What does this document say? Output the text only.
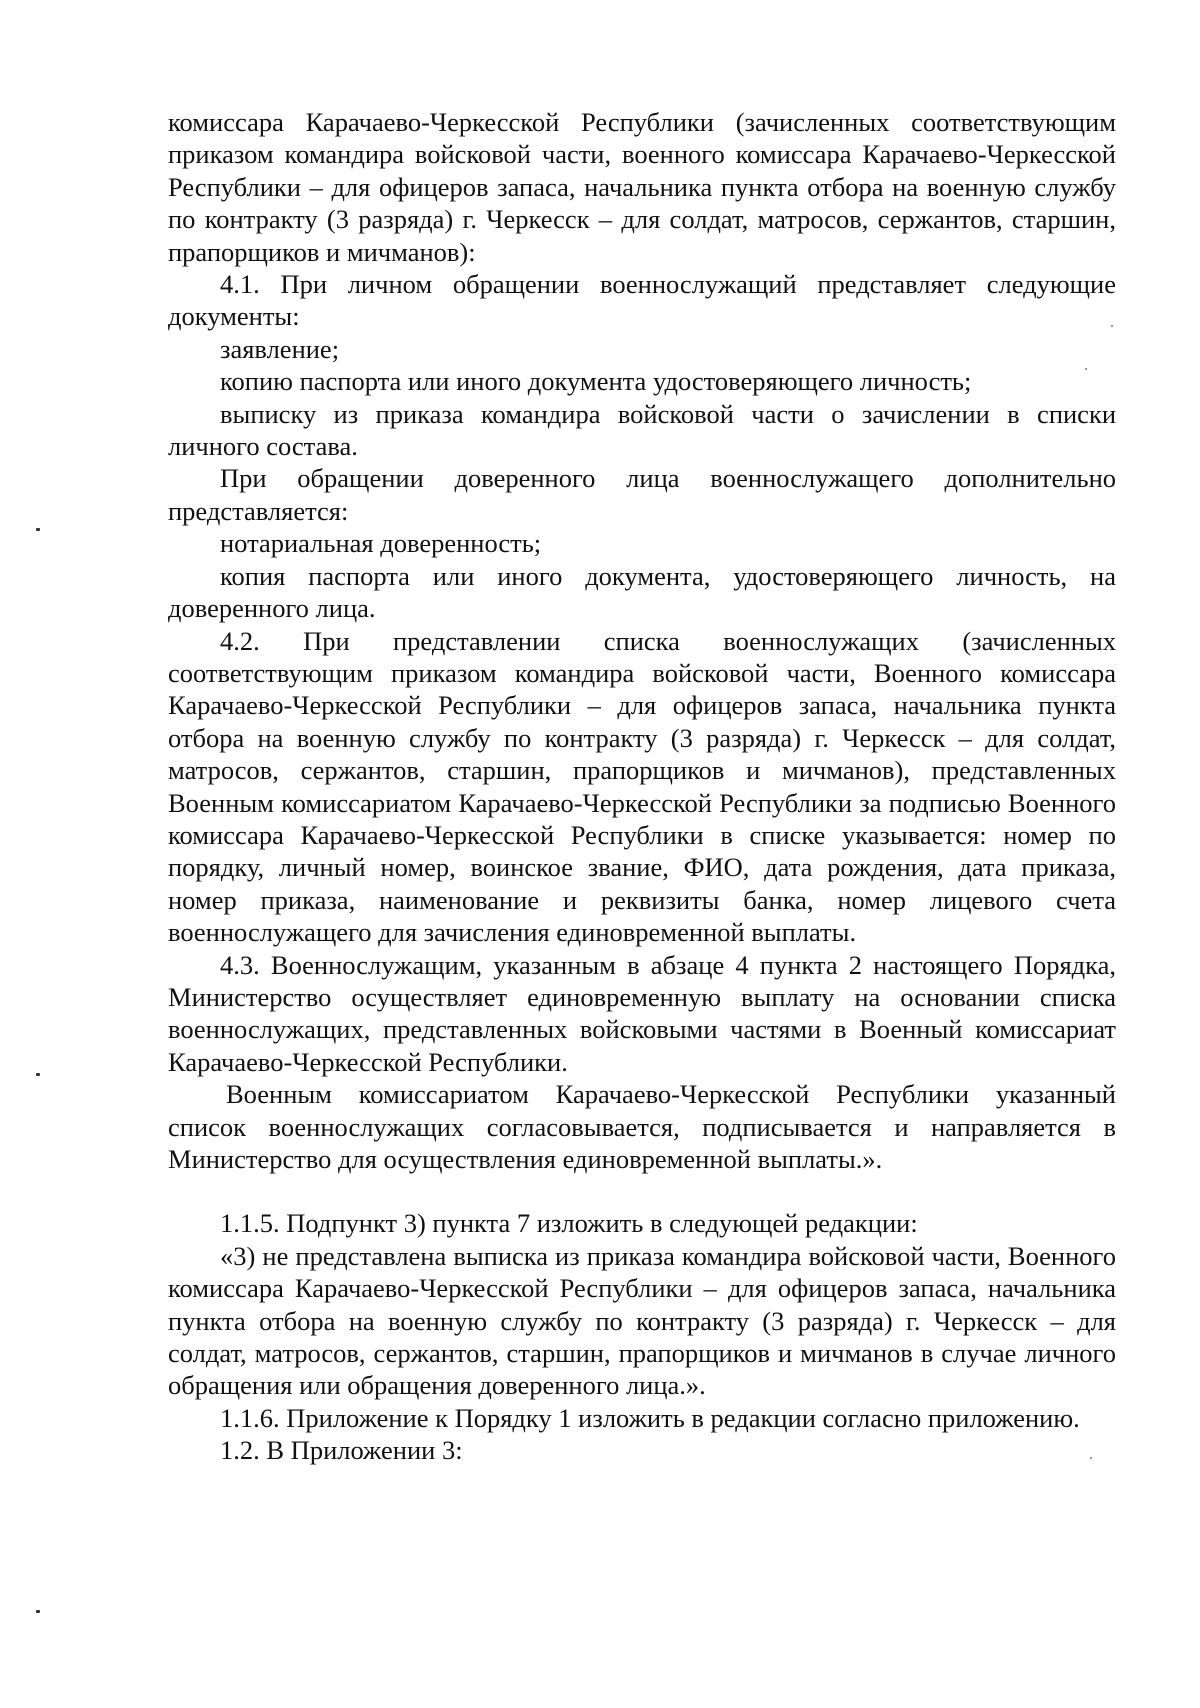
комиссара Карачаево-Черкесской Республики (зачисленных соответствующим приказом командира войсковой части, военного комиссара Карачаево-Черкесской Республики – для офицеров запаса, начальника пункта отбора на военную службу по контракту (3 разряда) г. Черкесск – для солдат, матросов, сержантов, старшин, прапорщиков и мичманов):

4.1. При личном обращении военнослужащий представляет следующие документы:

заявление;

копию паспорта или иного документа удостоверяющего личность;

выписку из приказа командира войсковой части о зачислении в списки личного состава.

При обращении доверенного лица военнослужащего дополнительно представляется:

нотариальная доверенность;

копия паспорта или иного документа, удостоверяющего личность, на доверенного лица.

4.2. При представлении списка военнослужащих (зачисленных соответствующим приказом командира войсковой части, Военного комиссара Карачаево-Черкесской Республики – для офицеров запаса, начальника пункта отбора на военную службу по контракту (3 разряда) г. Черкесск – для солдат, матросов, сержантов, старшин, прапорщиков и мичманов), представленных Военным комиссариатом Карачаево-Черкесской Республики за подписью Военного комиссара Карачаево-Черкесской Республики в списке указывается: номер по порядку, личный номер, воинское звание, ФИО, дата рождения, дата приказа, номер приказа, наименование и реквизиты банка, номер лицевого счета военнослужащего для зачисления единовременной выплаты.

4.3. Военнослужащим, указанным в абзаце 4 пункта 2 настоящего Порядка, Министерство осуществляет единовременную выплату на основании списка военнослужащих, представленных войсковыми частями в Военный комиссариат Карачаево-Черкесской Республики.

Военным комиссариатом Карачаево-Черкесской Республики указанный список военнослужащих согласовывается, подписывается и направляется в Министерство для осуществления единовременной выплаты.».

1.1.5. Подпункт 3) пункта 7 изложить в следующей редакции:

«3) не представлена выписка из приказа командира войсковой части, Военного комиссара Карачаево-Черкесской Республики – для офицеров запаса, начальника пункта отбора на военную службу по контракту (3 разряда) г. Черкесск – для солдат, матросов, сержантов, старшин, прапорщиков и мичманов в случае личного обращения или обращения доверенного лица.».

1.1.6. Приложение к Порядку 1 изложить в редакции согласно приложению.

1.2. В Приложении 3:
